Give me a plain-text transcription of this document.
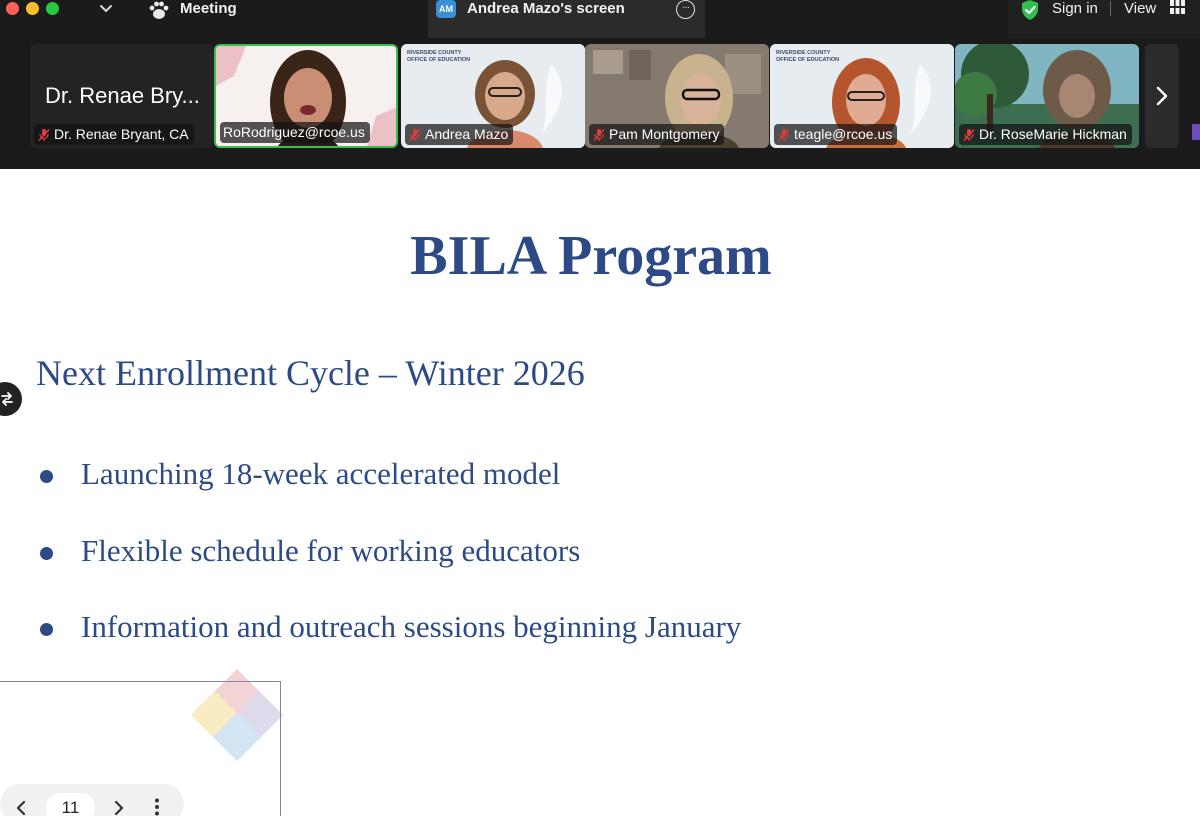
Meeting	AM Andrea Mazo's screen	···	Sign in View
Dr. Renae Bry...
Dr. Renae Bryant, CA RoRodriguez@rcoe.us
RIVERSIDE COUNTY
OFFICE OF EDUCATION
Andrea Mazo	Pam Montgomery
RIVERSIDE COUNTY
OFFICE OF EDUCATION
teagle@rcoe.us	Dr. RoseMarie Hickman
BILA Program
Next Enrollment Cycle – Winter 2026
Launching 18-week accelerated model
Flexible schedule for working educators
Information and outreach sessions beginning January
11
